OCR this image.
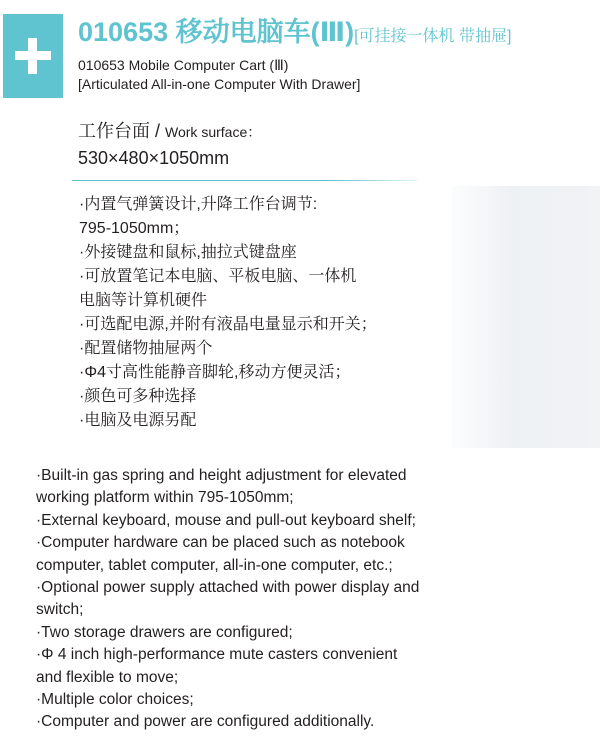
010653 移动电脑车(Ⅲ)[可挂接一体机 带抽屉]
010653 Mobile Computer Cart (Ⅲ)
[Articulated All-in-one Computer With Drawer]
工作台面 / Work surface：
530×480×1050mm
·内置气弹簧设计,升降工作台调节:
795-1050mm；
·外接键盘和鼠标,抽拉式键盘座
·可放置笔记本电脑、平板电脑、一体机
电脑等计算机硬件
·可选配电源,并附有液晶电量显示和开关；
·配置储物抽屉两个
·Φ4寸高性能静音脚轮,移动方便灵活；
·颜色可多种选择
·电脑及电源另配
·Built-in gas spring and height adjustment for elevated
working platform within 795-1050mm;
·External keyboard, mouse and pull-out keyboard shelf;
·Computer hardware can be placed such as notebook
computer, tablet computer, all-in-one computer, etc.;
·Optional power supply attached with power display and
switch;
·Two storage drawers are configured;
·Φ 4 inch high-performance mute casters convenient
and flexible to move;
·Multiple color choices;
·Computer and power are configured additionally.
